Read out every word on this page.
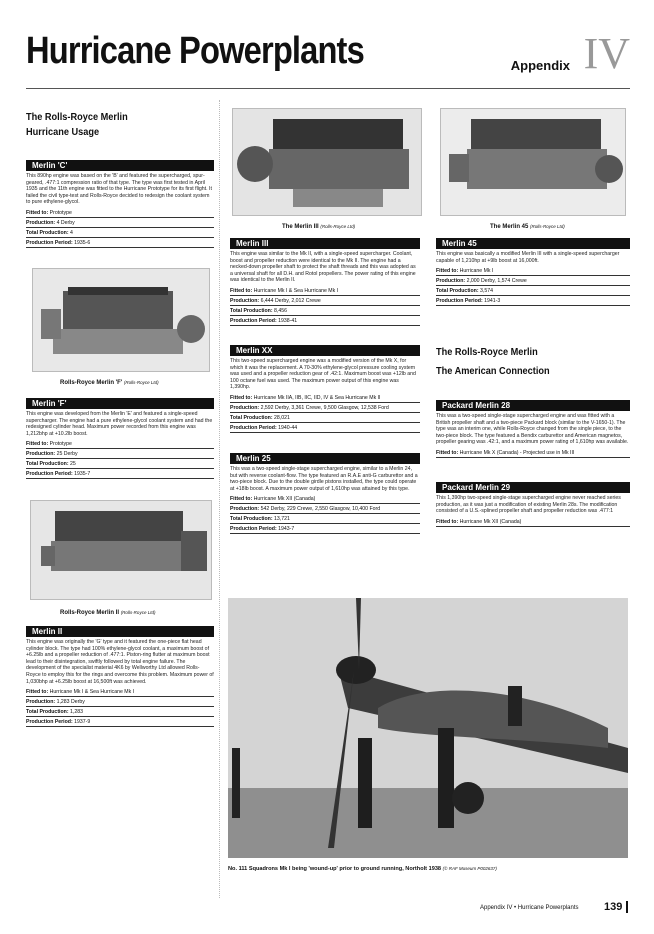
Hurricane Powerplants	Appendix IV
The Rolls-Royce Merlin
Hurricane Usage
Merlin 'C'
This 890hp engine was based on the 'B' and featured the supercharged, spur-geared, .477:1 compression ratio of that type. The type was first tested in April 1935 and the 11th engine was fitted to the Hurricane Prototype for its first flight. It failed the civil type-test and Rolls-Royce decided to redesign the coolant system to pure ethylene-glycol.
Fitted to: Prototype
Production: 4 Derby
Total Production: 4
Production Period: 1935-6
Rolls-Royce Merlin 'F' (Rolls-Royce Ltd)
Merlin 'F'
This engine was developed from the Merlin 'E' and featured a single-speed supercharger. The engine had a pure ethylene-glycol coolant system and had the redesigned cylinder head. Maximum power recorded from this engine was 1,212bhp at +10.2lb boost.
Fitted to: Prototype
Production: 25 Derby
Total Production: 25
Production Period: 1935-7
Rolls-Royce Merlin II (Rolls-Royce Ltd)
Merlin II
This engine was originally the 'G' type and it featured the one-piece flat head cylinder block. The type had 100% ethylene-glycol coolant, a maximum boost of +6.25lb and a propeller reduction of .477:1. Piston-ring flutter at maximum boost lead to their disintegration, swiftly followed by total engine failure. The development of the specialist material 4K6 by Wellworthy Ltd allowed Rolls-Royce to employ this for the rings and overcome this problem. Maximum power of 1,030bhp at +6.25lb boost at 16,500ft was achieved.
Fitted to: Hurricane Mk I & Sea Hurricane Mk I
Production: 1,283 Derby
Total Production: 1,283
Production Period: 1937-9
The Merlin III (Rolls-Royce Ltd)
Merlin III
This engine was similar to the Mk II, with a single-speed supercharger. Coolant, boost and propeller reduction were identical to the Mk II. The engine had a necked-down propeller shaft to protect the shaft threads and this was adopted as a universal shaft for all D.H. and Rotol propellers. The power rating of this engine was identical to the Merlin II.
Fitted to: Hurricane Mk I & Sea Hurricane Mk I
Production: 6,444 Derby, 2,012 Crewe
Total Production: 8,456
Production Period: 1938-41
Merlin XX
This two-speed supercharged engine was a modified version of the Mk X, for which it was the replacement. A 70-30% ethylene-glycol pressure cooling system was used and a propeller reduction gear of .42:1. Maximum boost was +12lb and 100 octane fuel was used. The maximum power output of this engine was 1,390hp.
Fitted to: Hurricane Mk IIA, IIB, IIC, IID, IV & Sea Hurricane Mk II
Production: 2,592 Derby, 3,361 Crewe, 9,500 Glasgow, 12,538 Ford
Total Production: 28,021
Production Period: 1940-44
Merlin 25
This was a two-speed single-stage supercharged engine, similar to a Merlin 24, but with reverse coolant-flow. The type featured an R.A.E anti-G carburettor and a two-piece block. Due to the double girdle pistons installed, the type could operate at +18lb boost. A maximum power output of 1,610hp was attained by this type.
Fitted to: Hurricane Mk XII (Canada)
Production: 542 Derby, 229 Crewe, 2,550 Glasgow, 10,400 Ford
Total Production: 13,721
Production Period: 1943-7
The Merlin 45 (Rolls-Royce Ltd)
Merlin 45
This engine was basically a modified Merlin III with a single-speed supercharger capable of 1,210hp at +9lb boost at 16,000ft.
Fitted to: Hurricane Mk I
Production: 2,000 Derby, 1,574 Crewe
Total Production: 3,574
Production Period: 1941-3
The Rolls-Royce Merlin
The American Connection
Packard Merlin 28
This was a two-speed single-stage supercharged engine and was fitted with a British propeller shaft and a two-piece Packard block (similar to the V-1650-1). The type was an interim one, while Rolls-Royce changed from the single piece, to the two-piece block. The type featured a Bendix carburettor and American magnetos, propeller gearing was .42:1, and a maximum power rating of 1,610hp was available.
Fitted to: Hurricane Mk X (Canada) - Projected use in Mk III
Packard Merlin 29
This 1,390hp two-speed single-stage supercharged engine never reached series production, as it was just a modification of existing Merlin 28s. The modification consisted of a U.S.-splined propeller shaft and propeller reduction was .477:1
Fitted to: Hurricane Mk XII (Canada)
No. 111 Squadrons Mk I being 'wound-up' prior to ground running, Northolt 1938 (© RAF Museum P002637)
Appendix IV • Hurricane Powerplants 139
